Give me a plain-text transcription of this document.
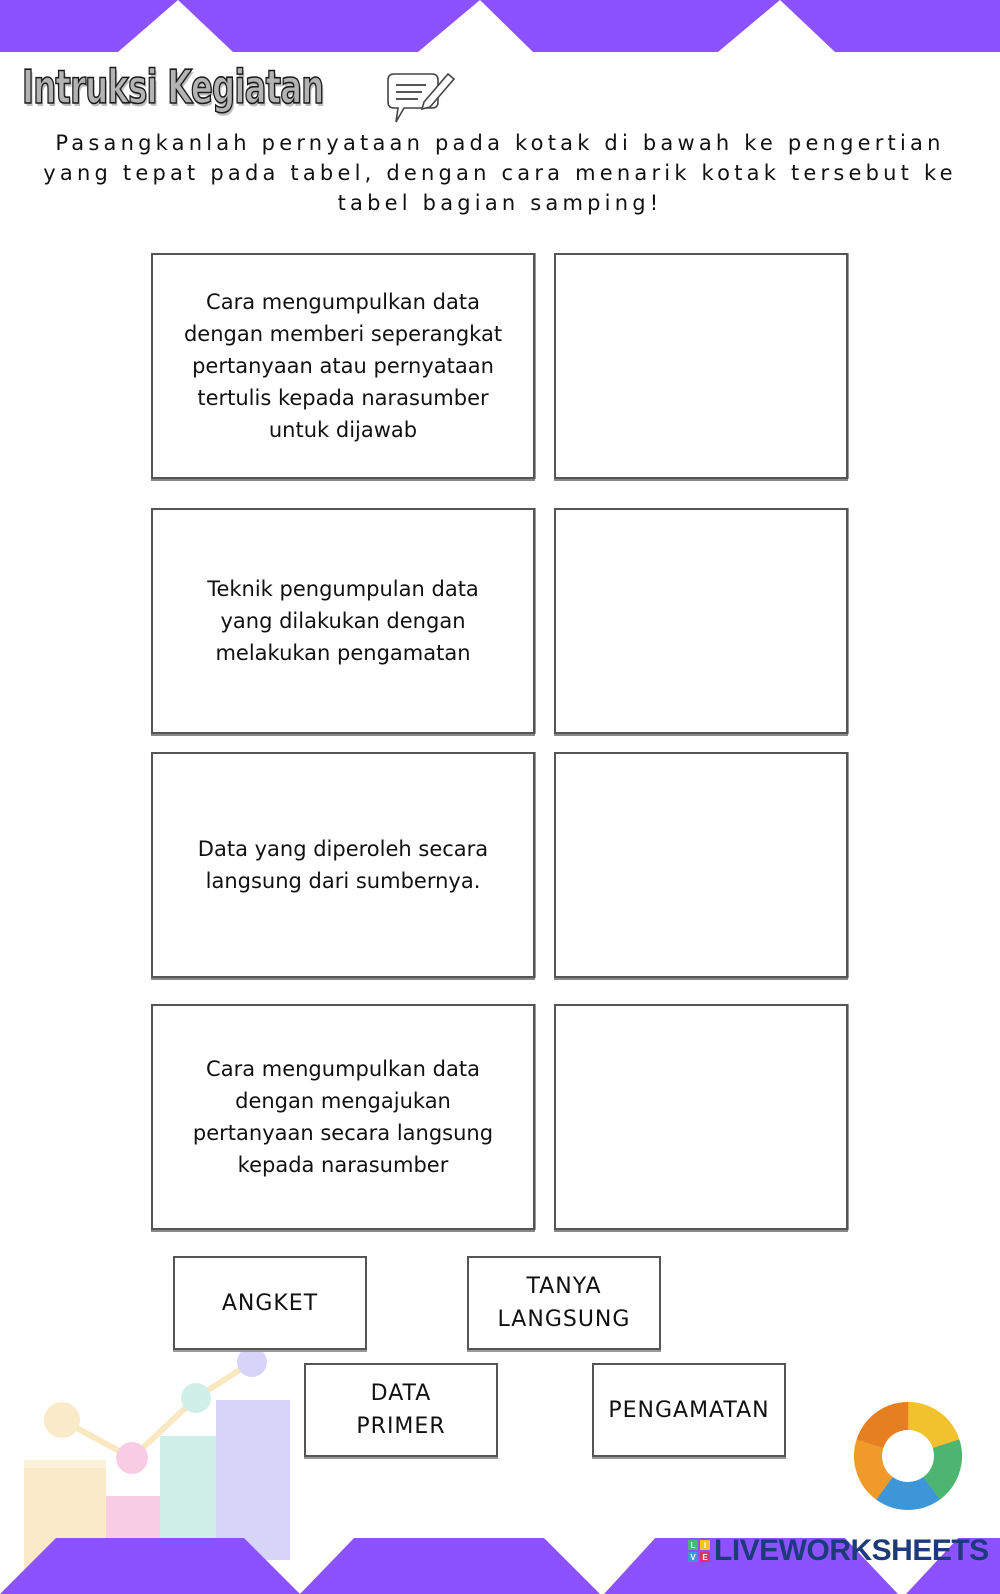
Intruksi Kegiatan
Pasangkanlah pernyataan pada kotak di bawah ke pengertian yang tepat pada tabel, dengan cara menarik kotak tersebut ke tabel bagian samping!
Cara mengumpulkan data dengan memberi seperangkat pertanyaan atau pernyataan tertulis kepada narasumber untuk dijawab
Teknik pengumpulan data yang dilakukan dengan melakukan pengamatan
Data yang diperoleh secara langsung dari sumbernya.
Cara mengumpulkan data dengan mengajukan pertanyaan secara langsung kepada narasumber
ANGKET
TANYA LANGSUNG
DATA PRIMER
PENGAMATAN
L	I
V E LIVEWORKSHEETS
